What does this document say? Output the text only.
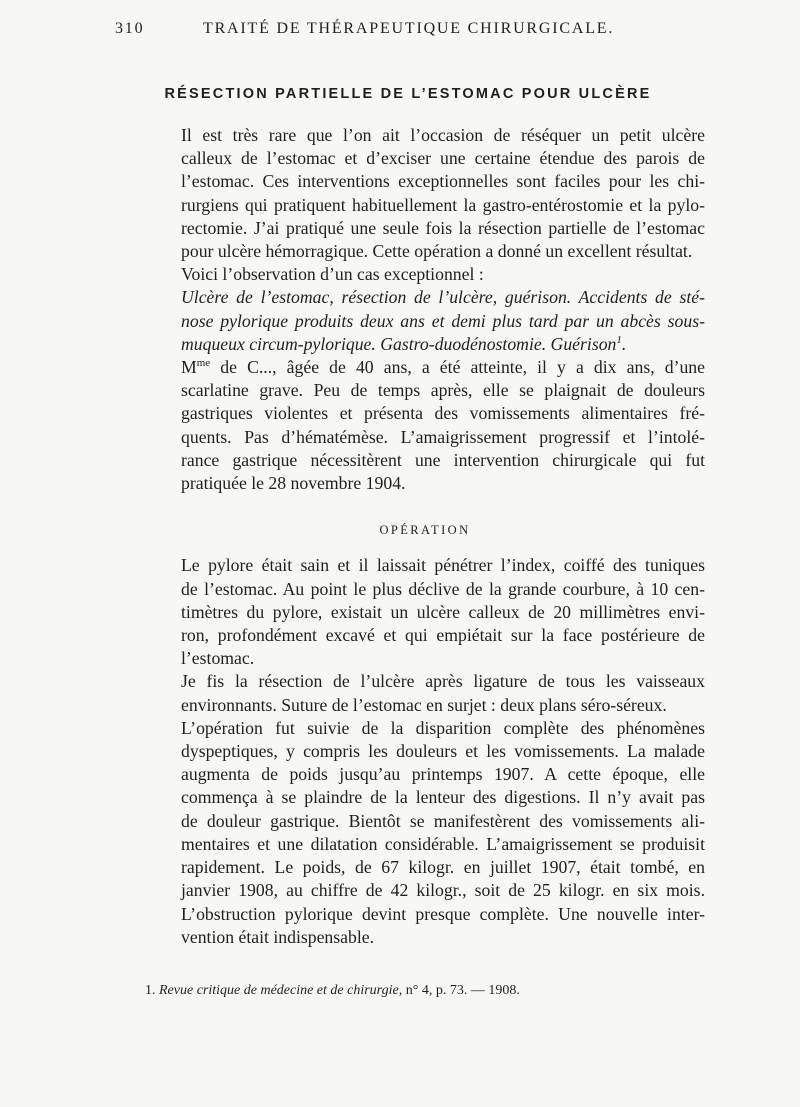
310	TRAITÉ DE THÉRAPEUTIQUE CHIRURGICALE.
RÉSECTION PARTIELLE DE L’ESTOMAC POUR ULCÈRE

Il est très rare que l’on ait l’occasion de réséquer un petit ulcère
calleux de l’estomac et d’exciser une certaine étendue des parois de
l’estomac. Ces interventions exceptionnelles sont faciles pour les chi-
rurgiens qui pratiquent habituellement la gastro-entérostomie et la pylo-
rectomie. J’ai pratiqué une seule fois la résection partielle de l’estomac
pour ulcère hémorragique. Cette opération a donné un excellent résultat.

Voici l’observation d’un cas exceptionnel :

Ulcère de l’estomac, résection de l’ulcère, guérison. Accidents de sté-
nose pylorique produits deux ans et demi plus tard par un abcès sous-
muqueux circum-pylorique. Gastro-duodénostomie. Guérison$^1$.

$M^{me}$ de C..., âgée de 40 ans, a été atteinte, il y a dix ans, d’une
scarlatine grave. Peu de temps après, elle se plaignait de douleurs
gastriques violentes et présenta des vomissements alimentaires fré-
quents. Pas d’hématémèse. L’amaigrissement progressif et l’intolé-
rance gastrique nécessitèrent une intervention chirurgicale qui fut
pratiquée le 28 novembre 1904.

OPÉRATION

Le pylore était sain et il laissait pénétrer l’index, coiffé des tuniques
de l’estomac. Au point le plus déclive de la grande courbure, à 10 cen-
timètres du pylore, existait un ulcère calleux de 20 millimètres envi-
ron, profondément excavé et qui empiétait sur la face postérieure de
l’estomac.

Je fis la résection de l’ulcère après ligature de tous les vaisseaux
environnants. Suture de l’estomac en surjet : deux plans séro-séreux.

L’opération fut suivie de la disparition complète des phénomènes
dyspeptiques, y compris les douleurs et les vomissements. La malade
augmenta de poids jusqu’au printemps 1907. A cette époque, elle
commença à se plaindre de la lenteur des digestions. Il n’y avait pas
de douleur gastrique. Bientôt se manifestèrent des vomissements ali-
mentaires et une dilatation considérable. L’amaigrissement se produisit
rapidement. Le poids, de 67 kilogr. en juillet 1907, était tombé, en
janvier 1908, au chiffre de 42 kilogr., soit de 25 kilogr. en six mois.
L’obstruction pylorique devint presque complète. Une nouvelle inter-
vention était indispensable.

1. Revue critique de médecine et de chirurgie, n° 4, p. 73. — 1908.
